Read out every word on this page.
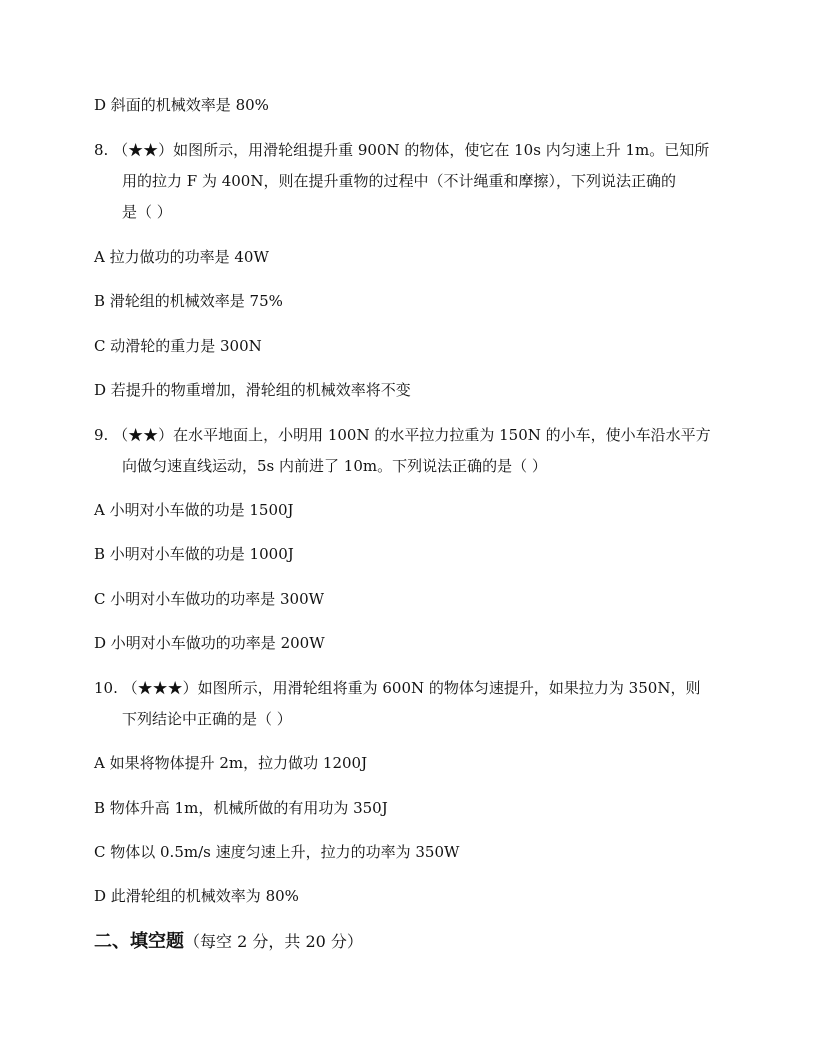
D 斜面的机械效率是 80%
8. （★★）如图所示，用滑轮组提升重 900N 的物体，使它在 10s 内匀速上升 1m。已知所
用的拉力 F 为 400N，则在提升重物的过程中（不计绳重和摩擦），下列说法正确的
是（ ）
A 拉力做功的功率是 40W
B 滑轮组的机械效率是 75%
C 动滑轮的重力是 300N
D 若提升的物重增加，滑轮组的机械效率将不变
9. （★★）在水平地面上，小明用 100N 的水平拉力拉重为 150N 的小车，使小车沿水平方
向做匀速直线运动，5s 内前进了 10m。下列说法正确的是（ ）
A 小明对小车做的功是 1500J
B 小明对小车做的功是 1000J
C 小明对小车做功的功率是 300W
D 小明对小车做功的功率是 200W
10. （★★★）如图所示，用滑轮组将重为 600N 的物体匀速提升，如果拉力为 350N，则
下列结论中正确的是（ ）
A 如果将物体提升 2m，拉力做功 1200J
B 物体升高 1m，机械所做的有用功为 350J
C 物体以 0.5m/s 速度匀速上升，拉力的功率为 350W
D 此滑轮组的机械效率为 80%
二、填空题（每空 2 分，共 20 分）
